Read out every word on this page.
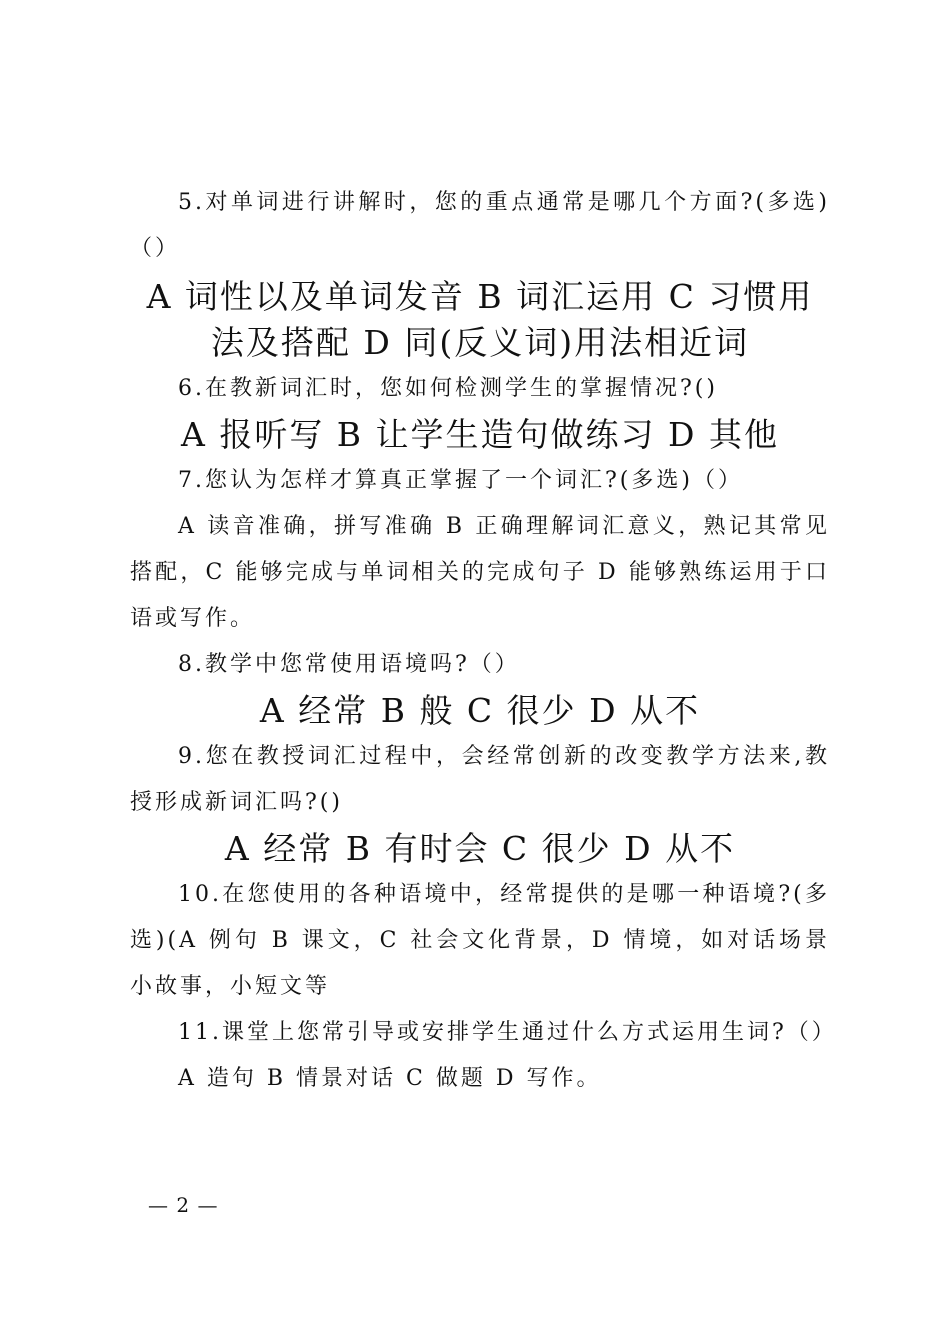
5.对单词进行讲解时，您的重点通常是哪几个方面?(多选)（）

A 词性以及单词发音 B 词汇运用 C 习惯用法及搭配 D 同(反义词)用法相近词

6.在教新词汇时，您如何检测学生的掌握情况?()

A 报听写 B 让学生造句做练习 D 其他

7.您认为怎样才算真正掌握了一个词汇?(多选)（）

A 读音准确，拼写准确 B 正确理解词汇意义，熟记其常见搭配，C 能够完成与单词相关的完成句子 D 能够熟练运用于口语或写作。

8.教学中您常使用语境吗?（）

A 经常 B 般 C 很少 D 从不

9.您在教授词汇过程中，会经常创新的改变教学方法来,教授形成新词汇吗?()

A 经常 B 有时会 C 很少 D 从不

10.在您使用的各种语境中，经常提供的是哪一种语境?(多选)(A 例句 B 课文，C 社会文化背景，D 情境，如对话场景小故事，小短文等

11.课堂上您常引导或安排学生通过什么方式运用生词?（）

A 造句 B 情景对话 C 做题 D 写作。

— 2 —
